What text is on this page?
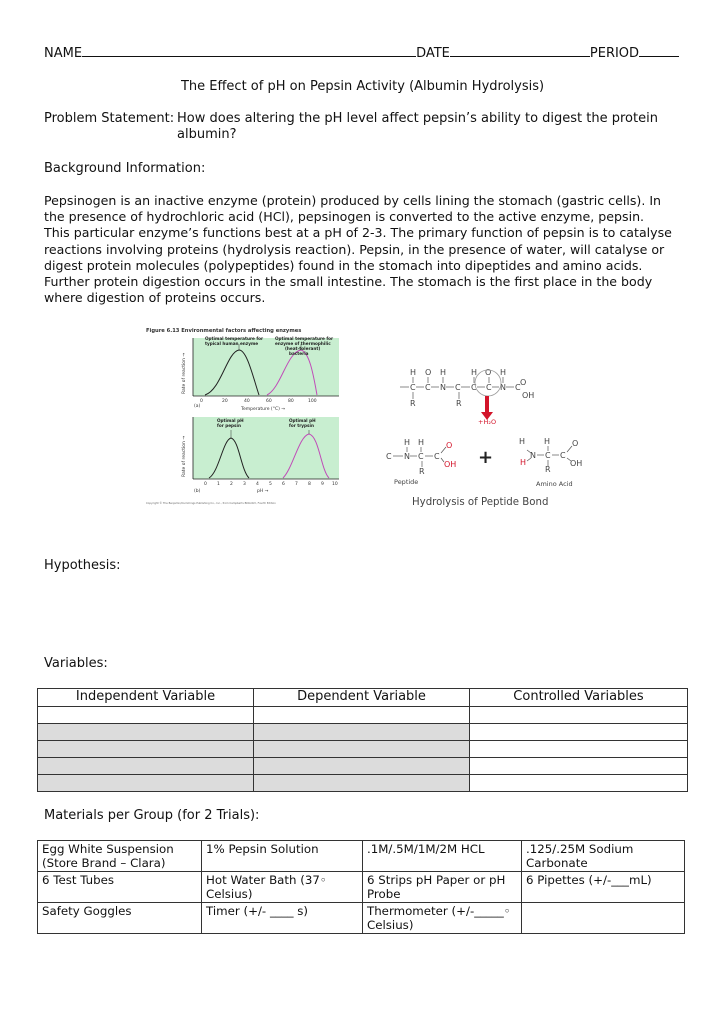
NAME	DATE	PERIOD
The Effect of pH on Pepsin Activity (Albumin Hydrolysis)
Problem Statement: How does altering the pH level affect pepsin’s ability to digest the protein
albumin?
Background Information:
Pepsinogen is an inactive enzyme (protein) produced by cells lining the stomach (gastric cells). In
the presence of hydrochloric acid (HCl), pepsinogen is converted to the active enzyme, pepsin.
This particular enzyme’s functions best at a pH of 2-3. The primary function of pepsin is to catalyse
reactions involving proteins (hydrolysis reaction). Pepsin, in the presence of water, will catalyse or
digest protein molecules (polypeptides) found in the stomach into dipeptides and amino acids.
Further protein digestion occurs in the small intestine. The stomach is the first place in the body
where digestion of proteins occurs.
Figure 6.13 Environmental factors affecting enzymes
Rate of reaction →
Optimal temperature for
typical human enzyme
Optimal temperature for
enzyme of thermophilic
(heat-tolerant)
bacteria
(a)
0	20	40	60	80	100
Temperature (°C) →
Rate of reaction →
Optimal pH
for pepsin
Optimal pH
for trypsin
0 1 2 3 4 5 6 7 8 9 10
(b)	pH →
Copyright © The Benjamin/Cummings Publishing Co., Inc., from Campbell's BIOLOGY, Fourth Edition
H O H	H O H
O
C C N C C C N C
OH
R	R
+H₂O
H H	O
C N C C
OH
R
H H	O
N C C
OH
H
R
+
Peptide	Amino Acid
Hydrolysis of Peptide Bond
Hypothesis:
Variables:
Independent Variable	Dependent Variable	Controlled Variables

Materials per Group (for 2 Trials):
Egg White Suspension (Store Brand – Clara)	1% Pepsin Solution	.1M/.5M/1M/2M HCL	.125/.25M Sodium Carbonate
6 Test Tubes	Hot Water Bath (37◦ Celsius)	6 Strips pH Paper or pH Probe	6 Pipettes (+/-___mL)
Safety Goggles	Timer (+/- ____ s)	Thermometer (+/-_____◦ Celsius)	
